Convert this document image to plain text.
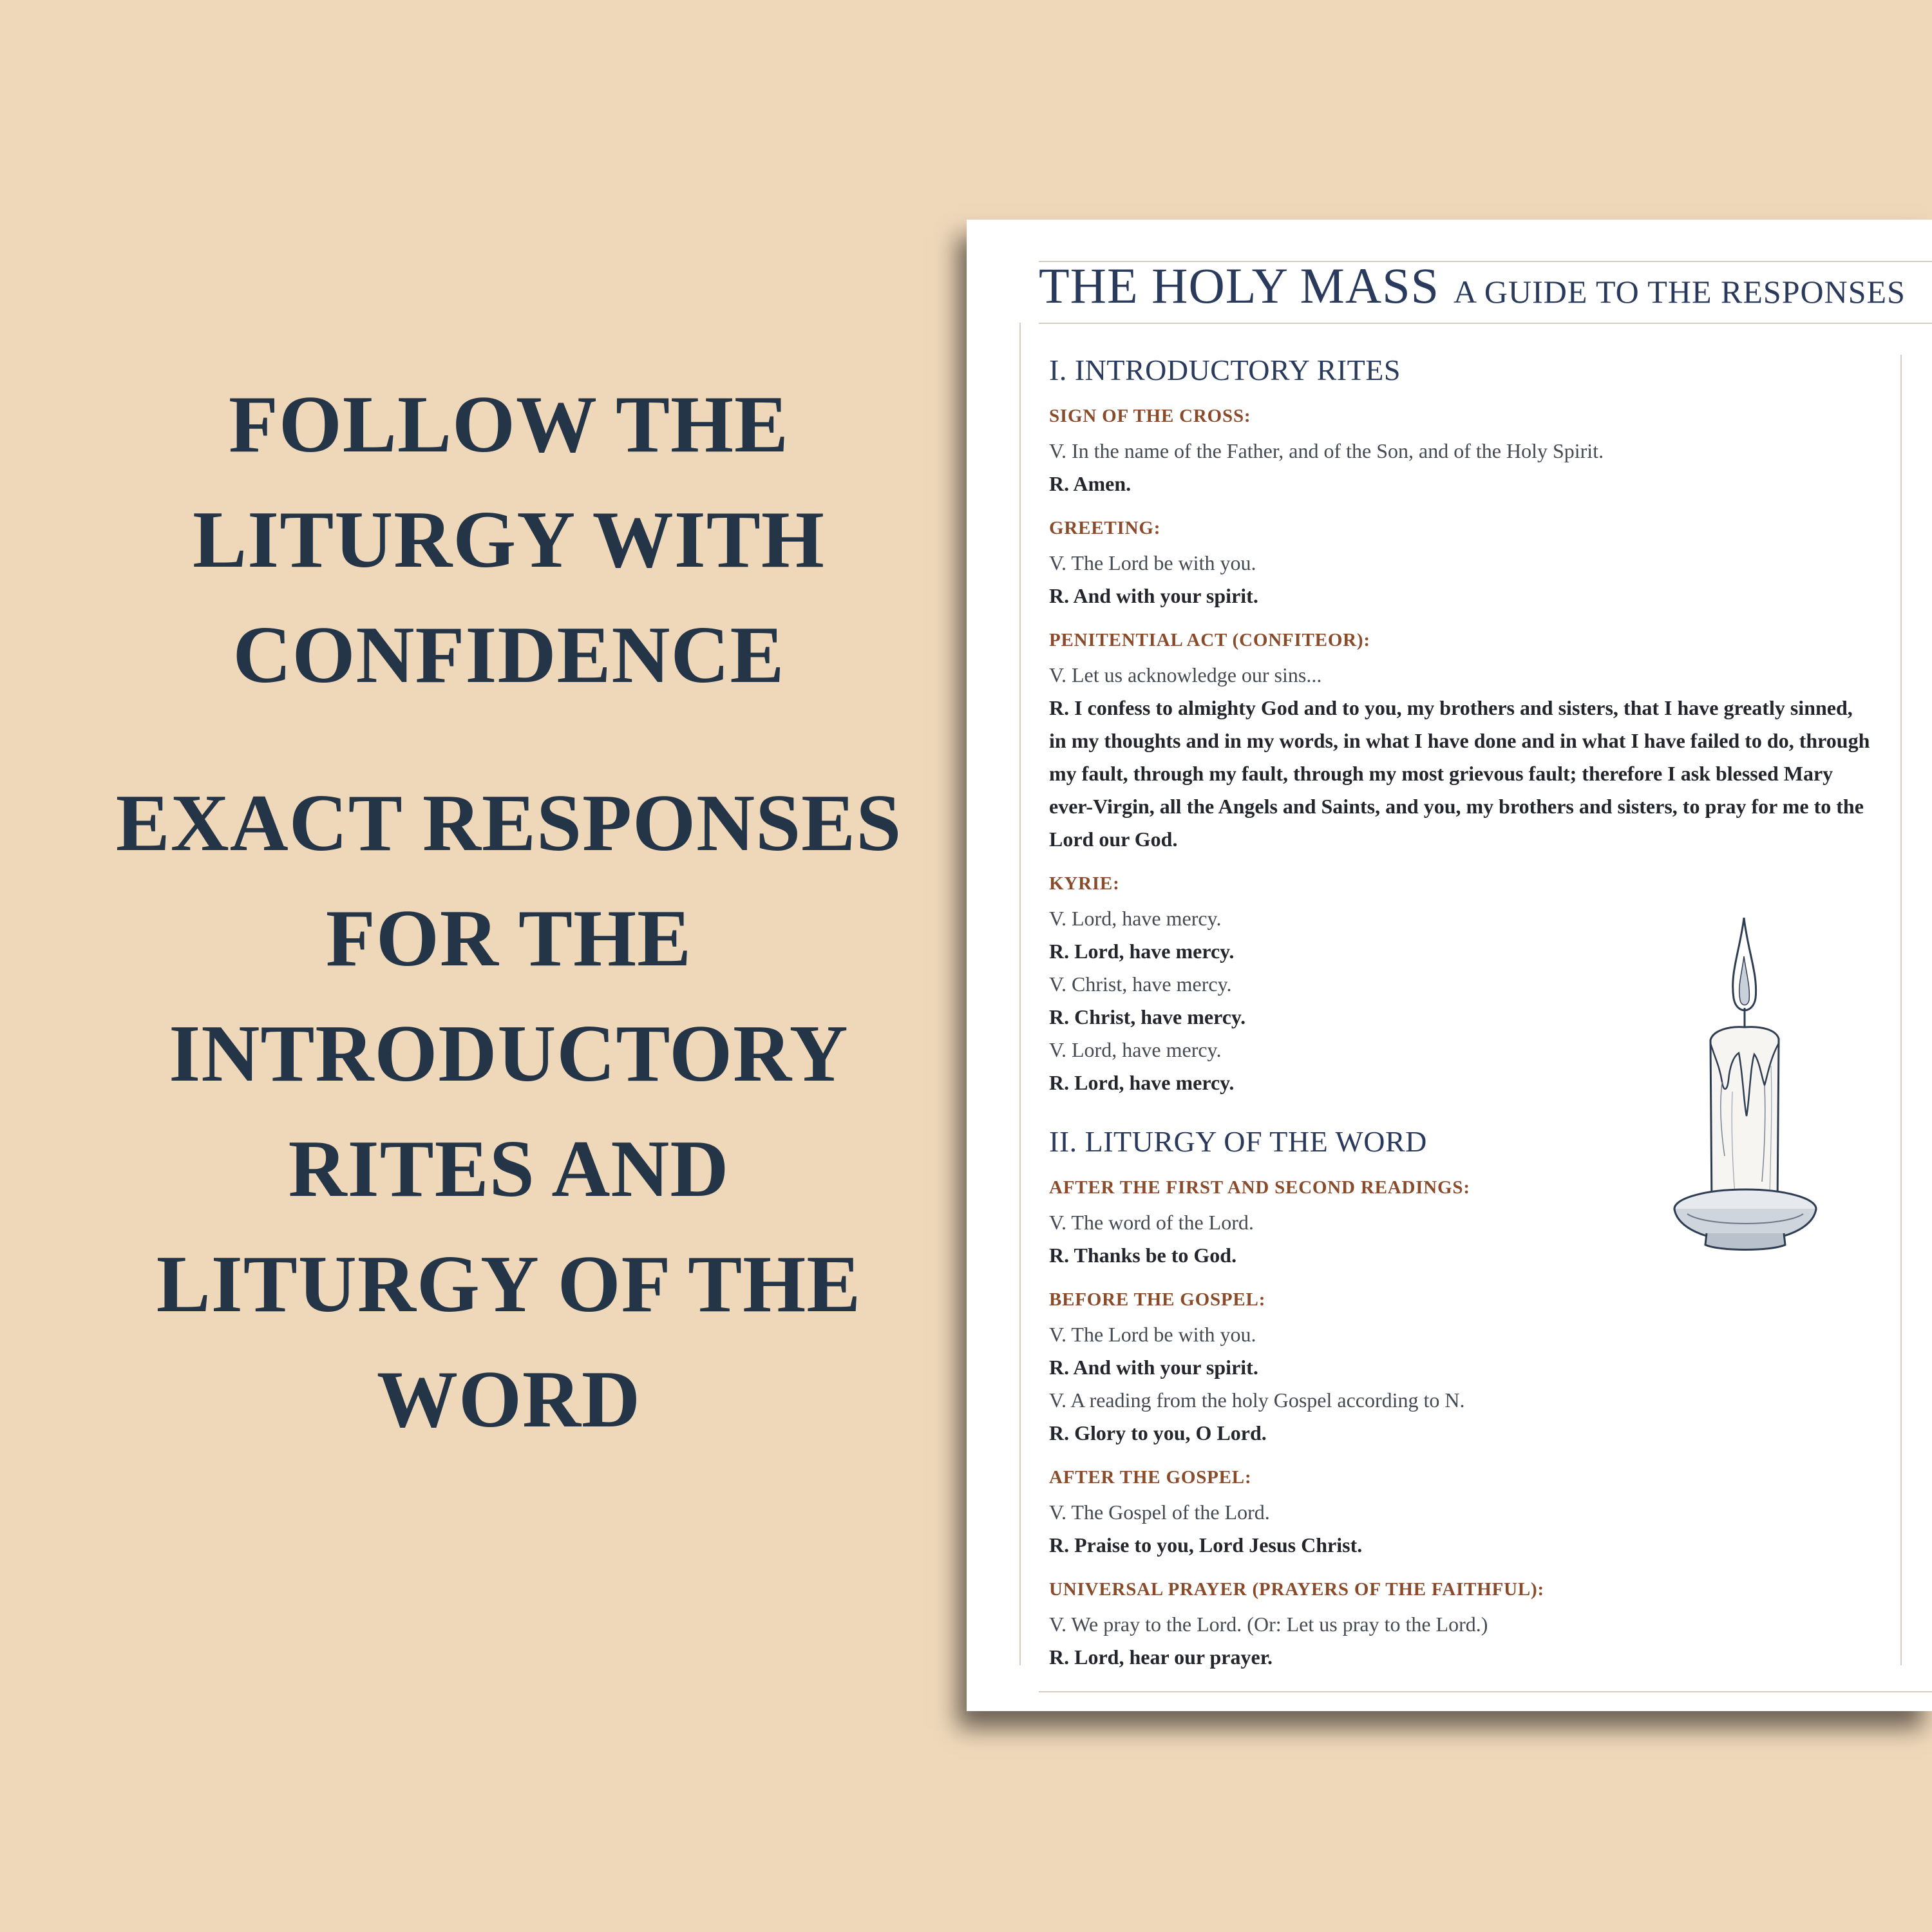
FOLLOW THE
LITURGY WITH
CONFIDENCE
EXACT RESPONSES
FOR THE
INTRODUCTORY
RITES AND
LITURGY OF THE
WORD
THE HOLY MASS A GUIDE TO THE RESPONSES
I. INTRODUCTORY RITES
SIGN OF THE CROSS:
V. In the name of the Father, and of the Son, and of the Holy Spirit.
R. Amen.
GREETING:
V. The Lord be with you.
R. And with your spirit.
PENITENTIAL ACT (CONFITEOR):
V. Let us acknowledge our sins...
R. I confess to almighty God and to you, my brothers and sisters, that I have greatly sinned, in my thoughts and in my words, in what I have done and in what I have failed to do, through my fault, through my fault, through my most grievous fault; therefore I ask blessed Mary ever-Virgin, all the Angels and Saints, and you, my brothers and sisters, to pray for me to the Lord our God.
KYRIE:
V. Lord, have mercy.
R. Lord, have mercy.
V. Christ, have mercy.
R. Christ, have mercy.
V. Lord, have mercy.
R. Lord, have mercy.
II. LITURGY OF THE WORD
AFTER THE FIRST AND SECOND READINGS:
V. The word of the Lord.
R. Thanks be to God.
BEFORE THE GOSPEL:
V. The Lord be with you.
R. And with your spirit.
V. A reading from the holy Gospel according to N.
R. Glory to you, O Lord.
AFTER THE GOSPEL:
V. The Gospel of the Lord.
R. Praise to you, Lord Jesus Christ.
UNIVERSAL PRAYER (PRAYERS OF THE FAITHFUL):
V. We pray to the Lord. (Or: Let us pray to the Lord.)
R. Lord, hear our prayer.
